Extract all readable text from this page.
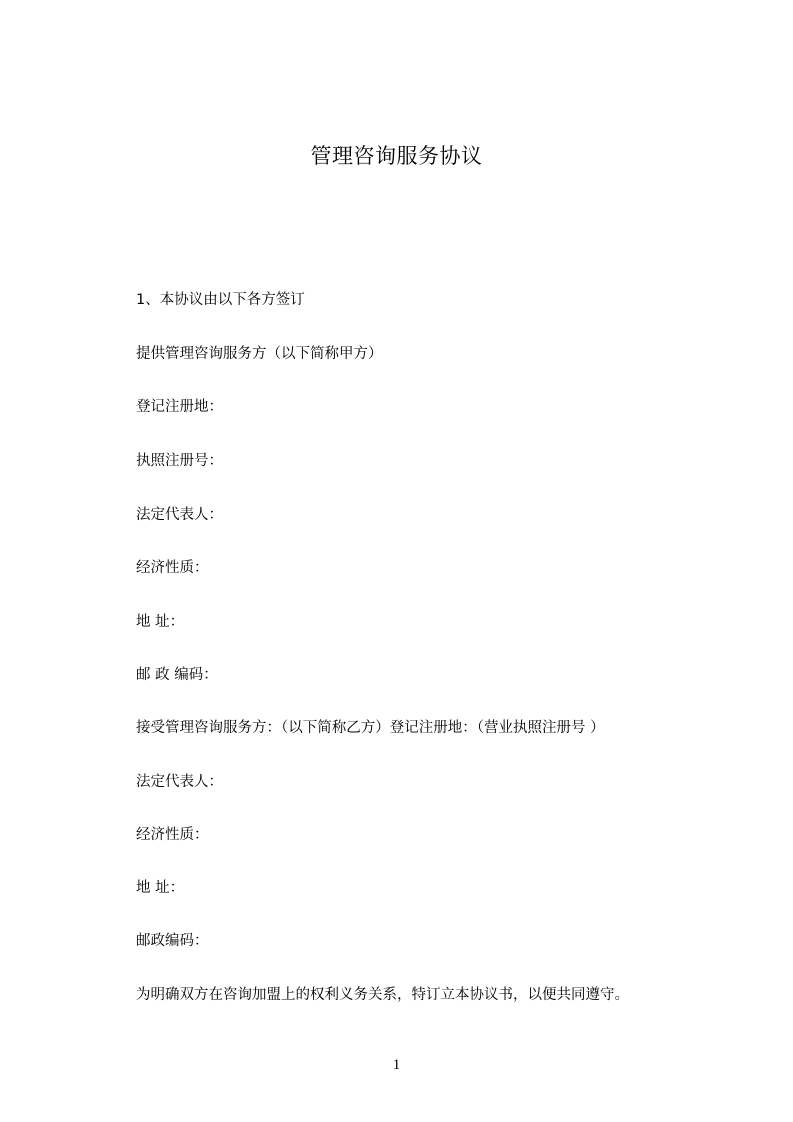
管理咨询服务协议
1、本协议由以下各方签订
提供管理咨询服务方（以下简称甲方）
登记注册地：
执照注册号：
法定代表人：
经济性质：
地 址：
邮 政 编码：
接受管理咨询服务方：（以下简称乙方）登记注册地：（营业执照注册号 ）
法定代表人：
经济性质：
地 址：
邮政编码：
为明确双方在咨询加盟上的权利义务关系，特订立本协议书，以便共同遵守。
1
